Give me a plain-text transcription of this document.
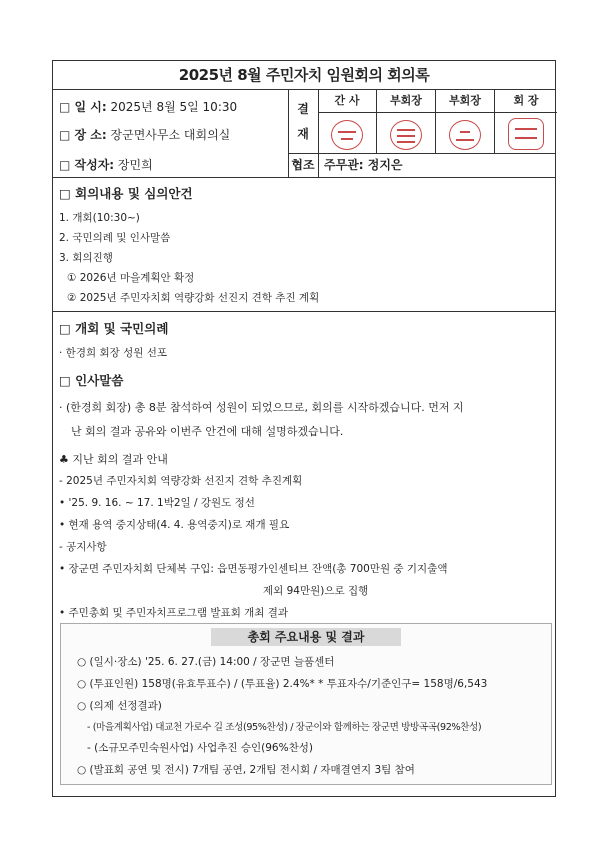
2025년 8월 주민자치 임원회의 회의록
□ 일 시: 2025년 8월 5일 10:30
□ 장 소: 장군면사무소 대회의실
□ 작성자: 장민희
결
재
간 사	부회장	부회장	회 장
협조 주무관: 정지은
□ 회의내용 및 심의안건
1. 개회(10:30~)
2. 국민의례 및 인사말씀
3. 회의진행
① 2026년 마을계획안 확정
② 2025년 주민자치회 역량강화 선진지 견학 추진 계획
□ 개회 및 국민의례
· 한경희 회장 성원 선포
□ 인사말씀
· (한경희 회장) 총 8분 참석하여 성원이 되었으므로, 회의를 시작하겠습니다. 먼저 지
난 회의 결과 공유와 이번주 안건에 대해 설명하겠습니다.
♣ 지난 회의 결과 안내
- 2025년 주민자치회 역량강화 선진지 견학 추진계획
• '25. 9. 16. ~ 17. 1박2일 / 강원도 정선
• 현재 용역 중지상태(4. 4. 용역중지)로 재개 필요
- 공지사항
• 장군면 주민자치회 단체복 구입: 읍면동평가인센티브 잔액(총 700만원 중 기지출액
제외 94만원)으로 집행
• 주민총회 및 주민자치프로그램 발표회 개최 결과
총회 주요내용 및 결과
○ (일시·장소) '25. 6. 27.(금) 14:00 / 장군면 늘품센터
○ (투표인원) 158명(유효투표수) / (투표율) 2.4%* * 투표자수/기준인구= 158명/6,543
○ (의제 선정결과)
- (마을계획사업) 대교천 가로수 길 조성(95%찬성) / 장군이와 함께하는 장군면 방방곡곡(92%찬성)
- (소규모주민숙원사업) 사업추진 승인(96%찬성)
○ (발표회 공연 및 전시) 7개팀 공연, 2개팀 전시회 / 자매결연지 3팀 참여
